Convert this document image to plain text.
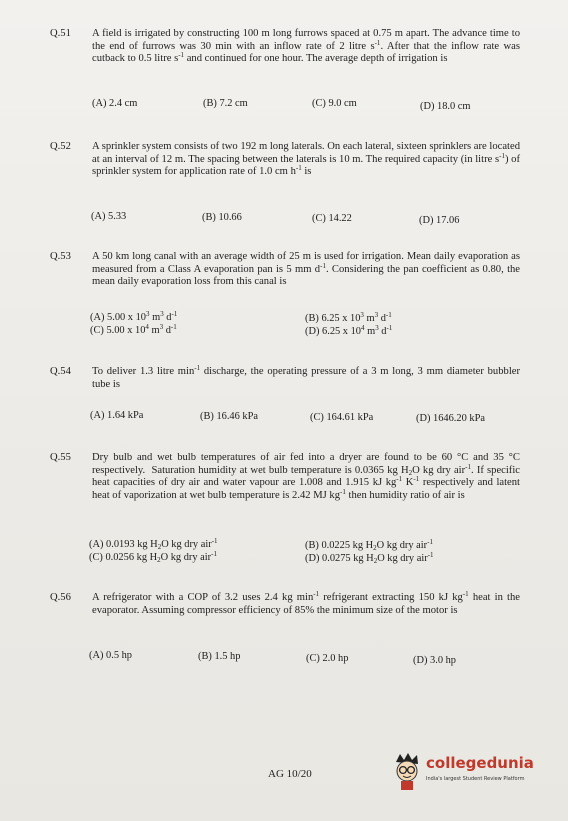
Q.51	A field is irrigated by constructing 100 m long furrows spaced at 0.75 m apart. The advance time to the end of furrows was 30 min with an inflow rate of 2 litre $s^{-1}$. After that the inflow rate was cutback to 0.5 litre $s^{-1}$ and continued for one hour. The average depth of irrigation is
(A) 2.4 cm	(B) 7.2 cm	(C) 9.0 cm	(D) 18.0 cm
Q.52	A sprinkler system consists of two 192 m long laterals. On each lateral, sixteen sprinklers are located at an interval of 12 m. The spacing between the laterals is 10 m. The required capacity (in litre $s^{-1}$) of sprinkler system for application rate of 1.0 cm $h^{-1}$ is
(A) 5.33	(B) 10.66	(C) 14.22	(D) 17.06
Q.53	A 50 km long canal with an average width of 25 m is used for irrigation. Mean daily evaporation as measured from a Class A evaporation pan is 5 mm $d^{-1}$. Considering the pan coefficient as 0.80, the mean daily evaporation loss from this canal is
(A) 5.00 x $10^3$ $m^3$ $d^{-1}$	(B) 6.25 x $10^3$ $m^3$ $d^{-1}$
(C) 5.00 x $10^4$ $m^3$ $d^{-1}$	(D) 6.25 x $10^4$ $m^3$ $d^{-1}$
Q.54	To deliver 1.3 litre $\min^{-1}$ discharge, the operating pressure of a 3 m long, 3 mm diameter bubbler tube is
(A) 1.64 kPa	(B) 16.46 kPa	(C) 164.61 kPa	(D) 1646.20 kPa
Q.55	Dry bulb and wet bulb temperatures of air fed into a dryer are found to be 60 °C and 35 °C respectively.  Saturation humidity at wet bulb temperature is 0.0365 kg $H_2O$ kg dry air$^{-1}$. If specific heat capacities of dry air and water vapour are 1.008 and 1.915 kJ $kg^{-1}$ $K^{-1}$ respectively and latent heat of vaporization at wet bulb temperature is 2.42 MJ $kg^{-1}$ then humidity ratio of air is
(A) 0.0193 kg $H_2O$ kg dry air$^{-1}$	(B) 0.0225 kg $H_2O$ kg dry air$^{-1}$
(C) 0.0256 kg $H_2O$ kg dry air$^{-1}$	(D) 0.0275 kg $H_2O$ kg dry air$^{-1}$
Q.56	A refrigerator with a COP of 3.2 uses 2.4 kg $\min^{-1}$ refrigerant extracting 150 kJ $kg^{-1}$ heat in the evaporator. Assuming compressor efficiency of 85% the minimum size of the motor is
(A) 0.5 hp	(B) 1.5 hp	(C) 2.0 hp	(D) 3.0 hp
AG 10/20
collegedunia
India's largest Student Review Platform
